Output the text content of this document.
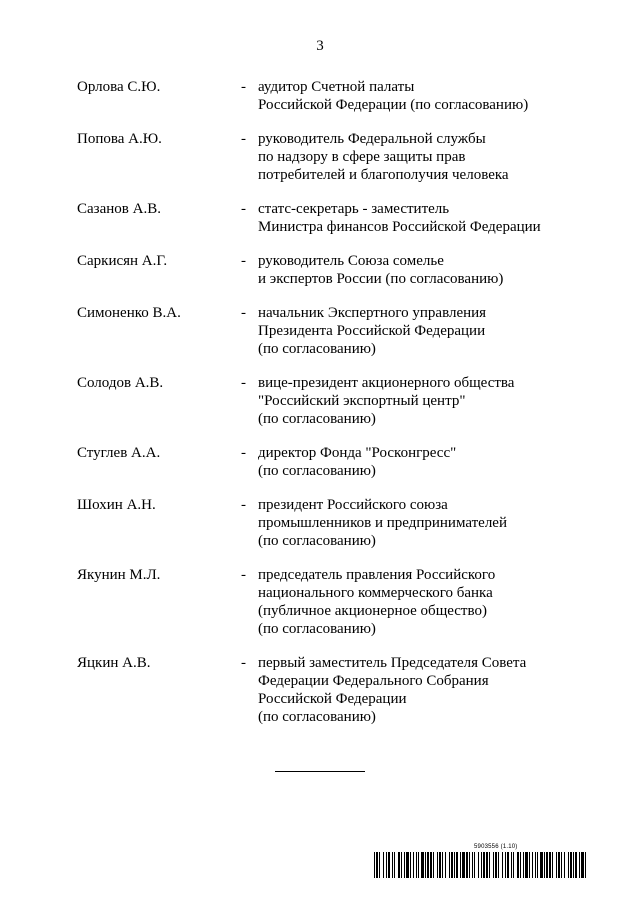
3
Орлова С.Ю.	- аудитор Счетной палаты
Российской Федерации (по согласованию)
Попова А.Ю.	- руководитель Федеральной службы
по надзору в сфере защиты прав
потребителей и благополучия человека
Сазанов А.В.	- статс-секретарь - заместитель
Министра финансов Российской Федерации
Саркисян А.Г.	- руководитель Союза сомелье
и экспертов России (по согласованию)
Симоненко В.А.	- начальник Экспертного управления
Президента Российской Федерации
(по согласованию)
Солодов А.В.	- вице-президент акционерного общества
"Российский экспортный центр"
(по согласованию)
Стуглев А.А.	- директор Фонда "Росконгресс"
(по согласованию)
Шохин А.Н.	- президент Российского союза
промышленников и предпринимателей
(по согласованию)
Якунин М.Л.	- председатель правления Российского
национального коммерческого банка
(публичное акционерное общество)
(по согласованию)
Яцкин А.В.	- первый заместитель Председателя Совета
Федерации Федерального Собрания
Российской Федерации
(по согласованию)
5903556 (1.10)
